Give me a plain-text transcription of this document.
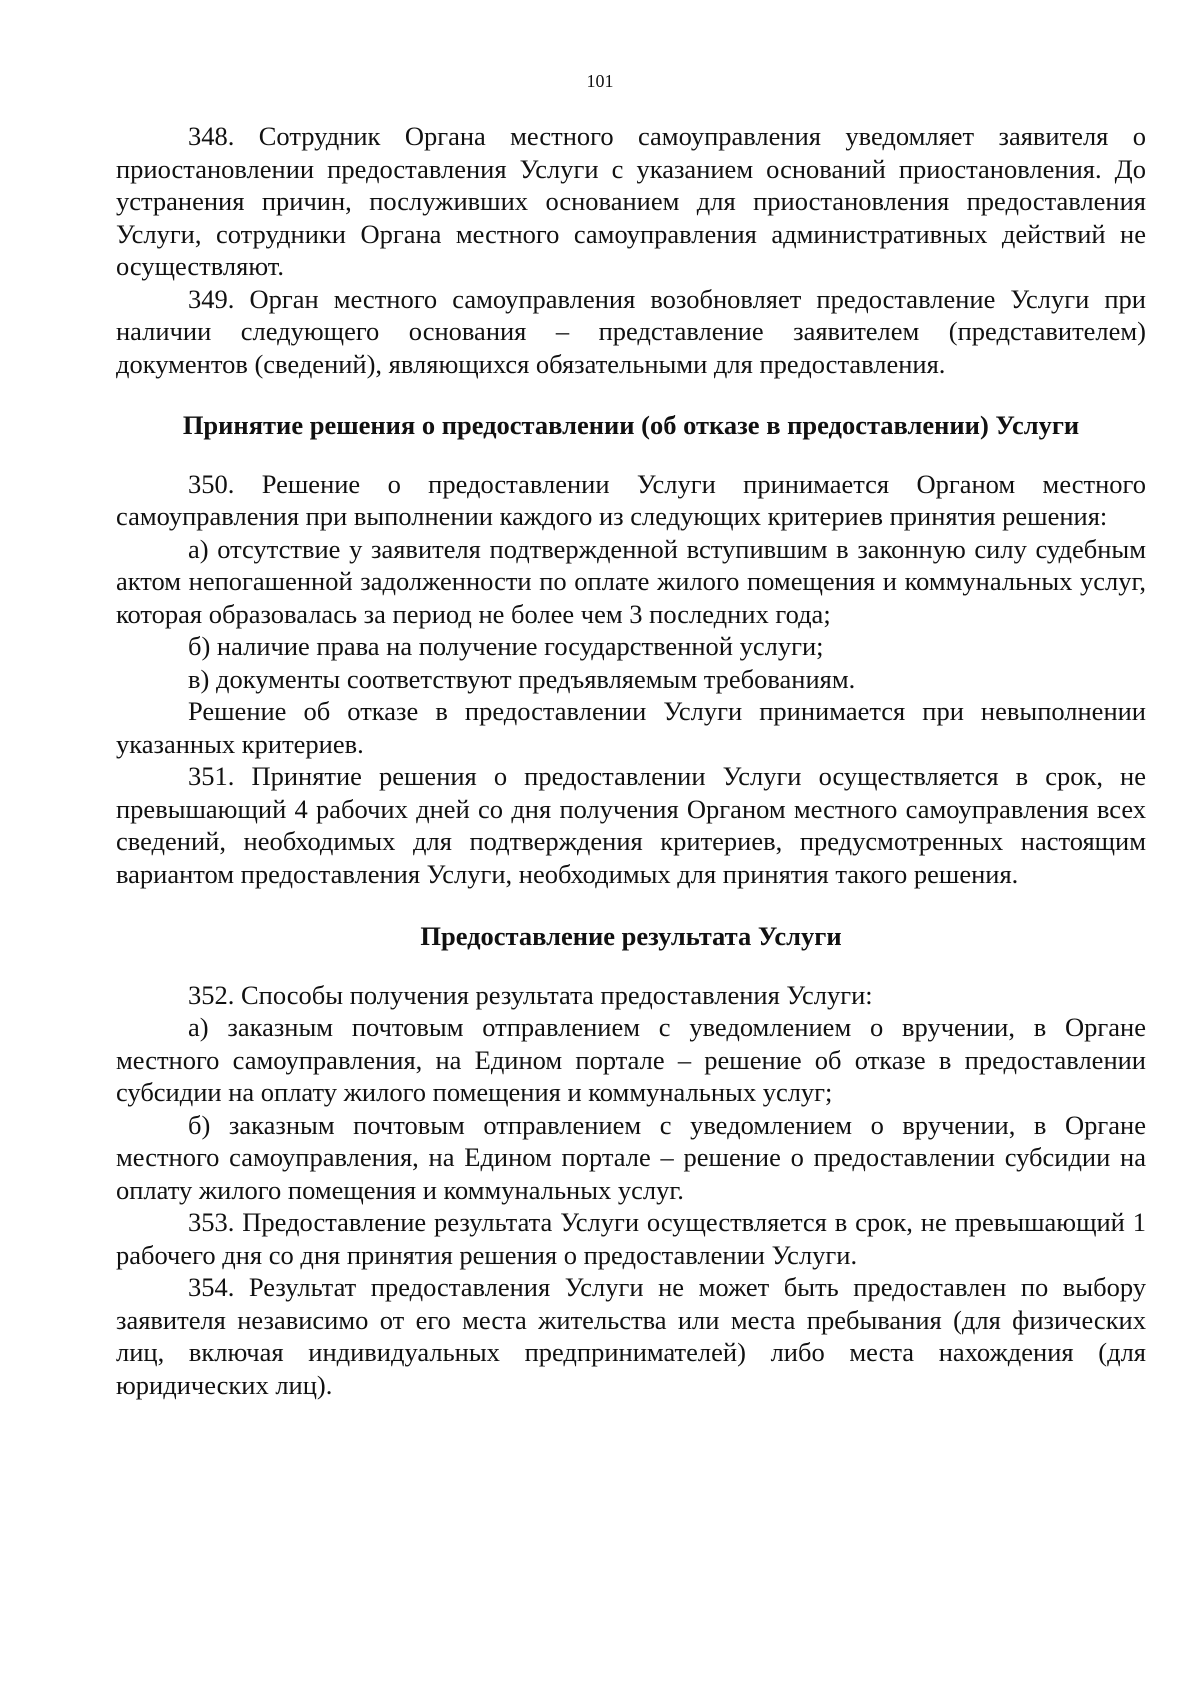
101

348. Сотрудник Органа местного самоуправления уведомляет заявителя о приостановлении предоставления Услуги с указанием оснований приостановления. До устранения причин, послуживших основанием для приостановления предоставления Услуги, сотрудники Органа местного самоуправления административных действий не осуществляют.

349. Орган местного самоуправления возобновляет предоставление Услуги при наличии следующего основания – представление заявителем (представителем) документов (сведений), являющихся обязательными для предоставления.

Принятие решения о предоставлении (об отказе в предоставлении) Услуги

350. Решение о предоставлении Услуги принимается Органом местного самоуправления при выполнении каждого из следующих критериев принятия решения:

а) отсутствие у заявителя подтвержденной вступившим в законную силу судебным актом непогашенной задолженности по оплате жилого помещения и коммунальных услуг, которая образовалась за период не более чем 3 последних года;

б) наличие права на получение государственной услуги;

в) документы соответствуют предъявляемым требованиям.

Решение об отказе в предоставлении Услуги принимается при невыполнении указанных критериев.

351. Принятие решения о предоставлении Услуги осуществляется в срок, не превышающий 4 рабочих дней со дня получения Органом местного самоуправления всех сведений, необходимых для подтверждения критериев, предусмотренных настоящим вариантом предоставления Услуги, необходимых для принятия такого решения.

Предоставление результата Услуги

352. Способы получения результата предоставления Услуги:

а) заказным почтовым отправлением с уведомлением о вручении, в Органе местного самоуправления, на Едином портале – решение об отказе в предоставлении субсидии на оплату жилого помещения и коммунальных услуг;

б) заказным почтовым отправлением с уведомлением о вручении, в Органе местного самоуправления, на Едином портале – решение о предоставлении субсидии на оплату жилого помещения и коммунальных услуг.

353. Предоставление результата Услуги осуществляется в срок, не превышающий 1 рабочего дня со дня принятия решения о предоставлении Услуги.

354. Результат предоставления Услуги не может быть предоставлен по выбору заявителя независимо от его места жительства или места пребывания (для физических лиц, включая индивидуальных предпринимателей) либо места нахождения (для юридических лиц).
